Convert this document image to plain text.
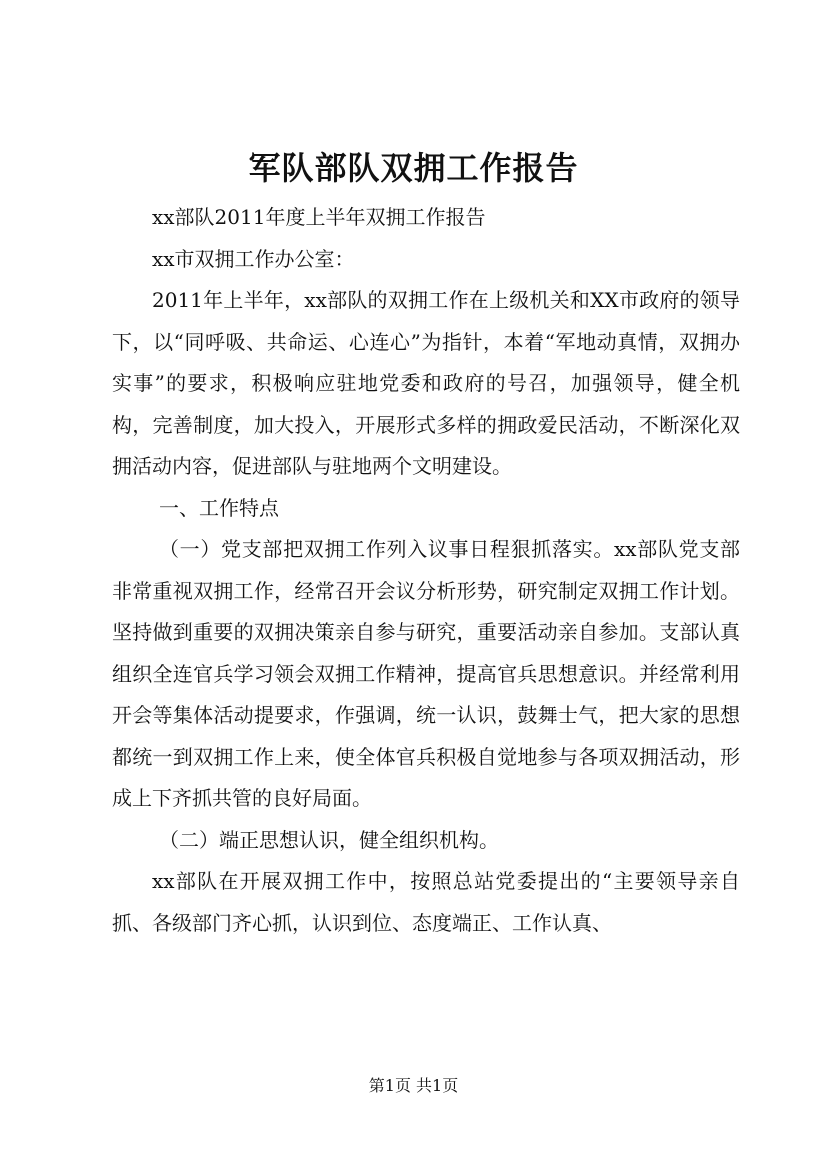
军队部队双拥工作报告

xx部队2011年度上半年双拥工作报告

xx市双拥工作办公室：

2011年上半年，xx部队的双拥工作在上级机关和XX市政府的领导下，以“同呼吸、共命运、心连心”为指针，本着“军地动真情，双拥办实事”的要求，积极响应驻地党委和政府的号召，加强领导，健全机构，完善制度，加大投入，开展形式多样的拥政爱民活动，不断深化双拥活动内容，促进部队与驻地两个文明建设。

一、工作特点

（一）党支部把双拥工作列入议事日程狠抓落实。xx部队党支部非常重视双拥工作，经常召开会议分析形势，研究制定双拥工作计划。坚持做到重要的双拥决策亲自参与研究，重要活动亲自参加。支部认真组织全连官兵学习领会双拥工作精神，提高官兵思想意识。并经常利用开会等集体活动提要求，作强调，统一认识，鼓舞士气，把大家的思想都统一到双拥工作上来，使全体官兵积极自觉地参与各项双拥活动，形成上下齐抓共管的良好局面。

（二）端正思想认识，健全组织机构。

xx部队在开展双拥工作中，按照总站党委提出的“主要领导亲自抓、各级部门齐心抓，认识到位、态度端正、工作认真、

第1页 共1页
